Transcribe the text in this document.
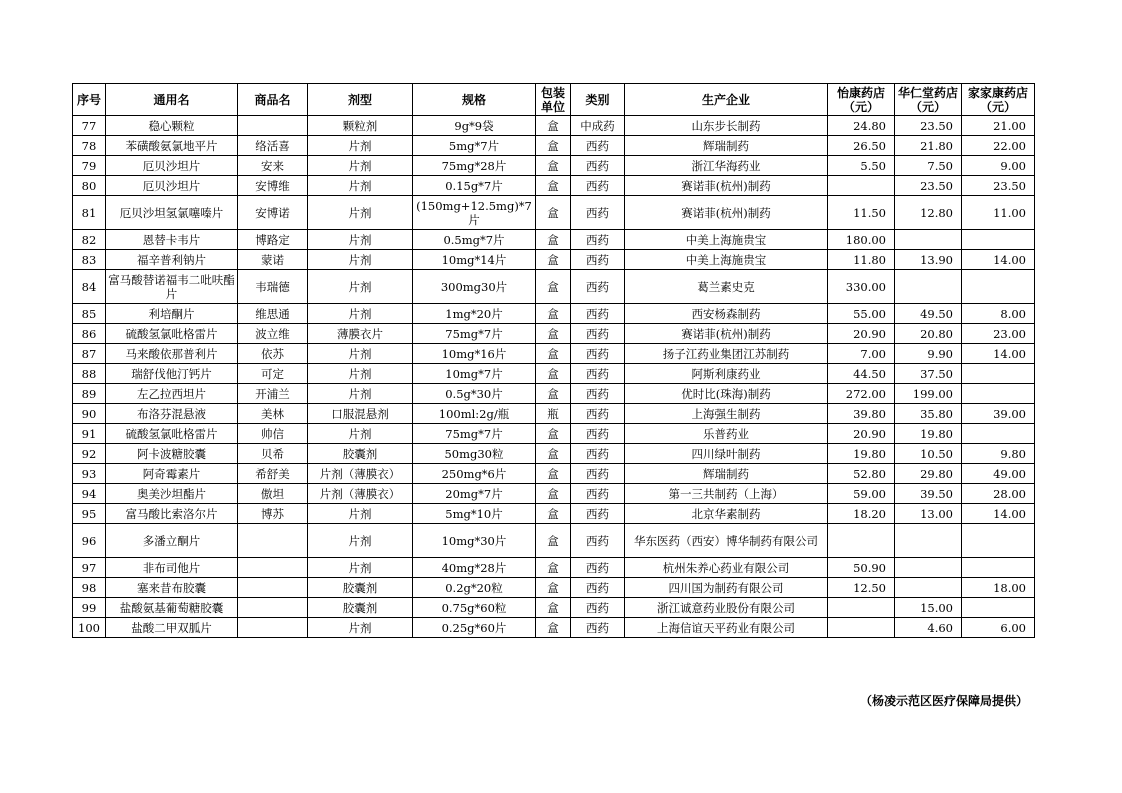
序号	通用名	商品名	剂型	规格	包装单位	类别	生产企业	怡康药店（元）	华仁堂药店（元）	家家康药店（元）
77	稳心颗粒		颗粒剂	9g*9袋	盒	中成药	山东步长制药	24.80	23.50	21.00
78	苯磺酸氨氯地平片	络活喜	片剂	5mg*7片	盒	西药	辉瑞制药	26.50	21.80	22.00
79	厄贝沙坦片	安来	片剂	75mg*28片	盒	西药	浙江华海药业	5.50	7.50	9.00
80	厄贝沙坦片	安博维	片剂	0.15g*7片	盒	西药	赛诺菲(杭州)制药		23.50	23.50
81	厄贝沙坦氢氯噻嗪片	安博诺	片剂	(150mg+12.5mg)*7片	盒	西药	赛诺菲(杭州)制药	11.50	12.80	11.00
82	恩替卡韦片	博路定	片剂	0.5mg*7片	盒	西药	中美上海施贵宝	180.00		
83	福辛普利钠片	蒙诺	片剂	10mg*14片	盒	西药	中美上海施贵宝	11.80	13.90	14.00
84	富马酸替诺福韦二吡呋酯片	韦瑞德	片剂	300mg30片	盒	西药	葛兰素史克	330.00		
85	利培酮片	维思通	片剂	1mg*20片	盒	西药	西安杨森制药	55.00	49.50	8.00
86	硫酸氢氯吡格雷片	波立维	薄膜衣片	75mg*7片	盒	西药	赛诺菲(杭州)制药	20.90	20.80	23.00
87	马来酸依那普利片	依苏	片剂	10mg*16片	盒	西药	扬子江药业集团江苏制药	7.00	9.90	14.00
88	瑞舒伐他汀钙片	可定	片剂	10mg*7片	盒	西药	阿斯利康药业	44.50	37.50	
89	左乙拉西坦片	开浦兰	片剂	0.5g*30片	盒	西药	优时比(珠海)制药	272.00	199.00	
90	布洛芬混悬液	美林	口服混悬剂	100ml:2g/瓶	瓶	西药	上海强生制药	39.80	35.80	39.00
91	硫酸氢氯吡格雷片	帅信	片剂	75mg*7片	盒	西药	乐普药业	20.90	19.80	
92	阿卡波糖胶囊	贝希	胶囊剂	50mg30粒	盒	西药	四川绿叶制药	19.80	10.50	9.80
93	阿奇霉素片	希舒美	片剂（薄膜衣）	250mg*6片	盒	西药	辉瑞制药	52.80	29.80	49.00
94	奥美沙坦酯片	傲坦	片剂（薄膜衣）	20mg*7片	盒	西药	第一三共制药（上海）	59.00	39.50	28.00
95	富马酸比索洛尔片	博苏	片剂	5mg*10片	盒	西药	北京华素制药	18.20	13.00	14.00
96	多潘立酮片		片剂	10mg*30片	盒	西药	华东医药（西安）博华制药有限公司			
97	非布司他片		片剂	40mg*28片	盒	西药	杭州朱养心药业有限公司	50.90		
98	塞来昔布胶囊		胶囊剂	0.2g*20粒	盒	西药	四川国为制药有限公司	12.50		18.00
99	盐酸氨基葡萄糖胶囊		胶囊剂	0.75g*60粒	盒	西药	浙江诚意药业股份有限公司		15.00	
100	盐酸二甲双胍片		片剂	0.25g*60片	盒	西药	上海信谊天平药业有限公司		4.60	6.00
（杨凌示范区医疗保障局提供）
